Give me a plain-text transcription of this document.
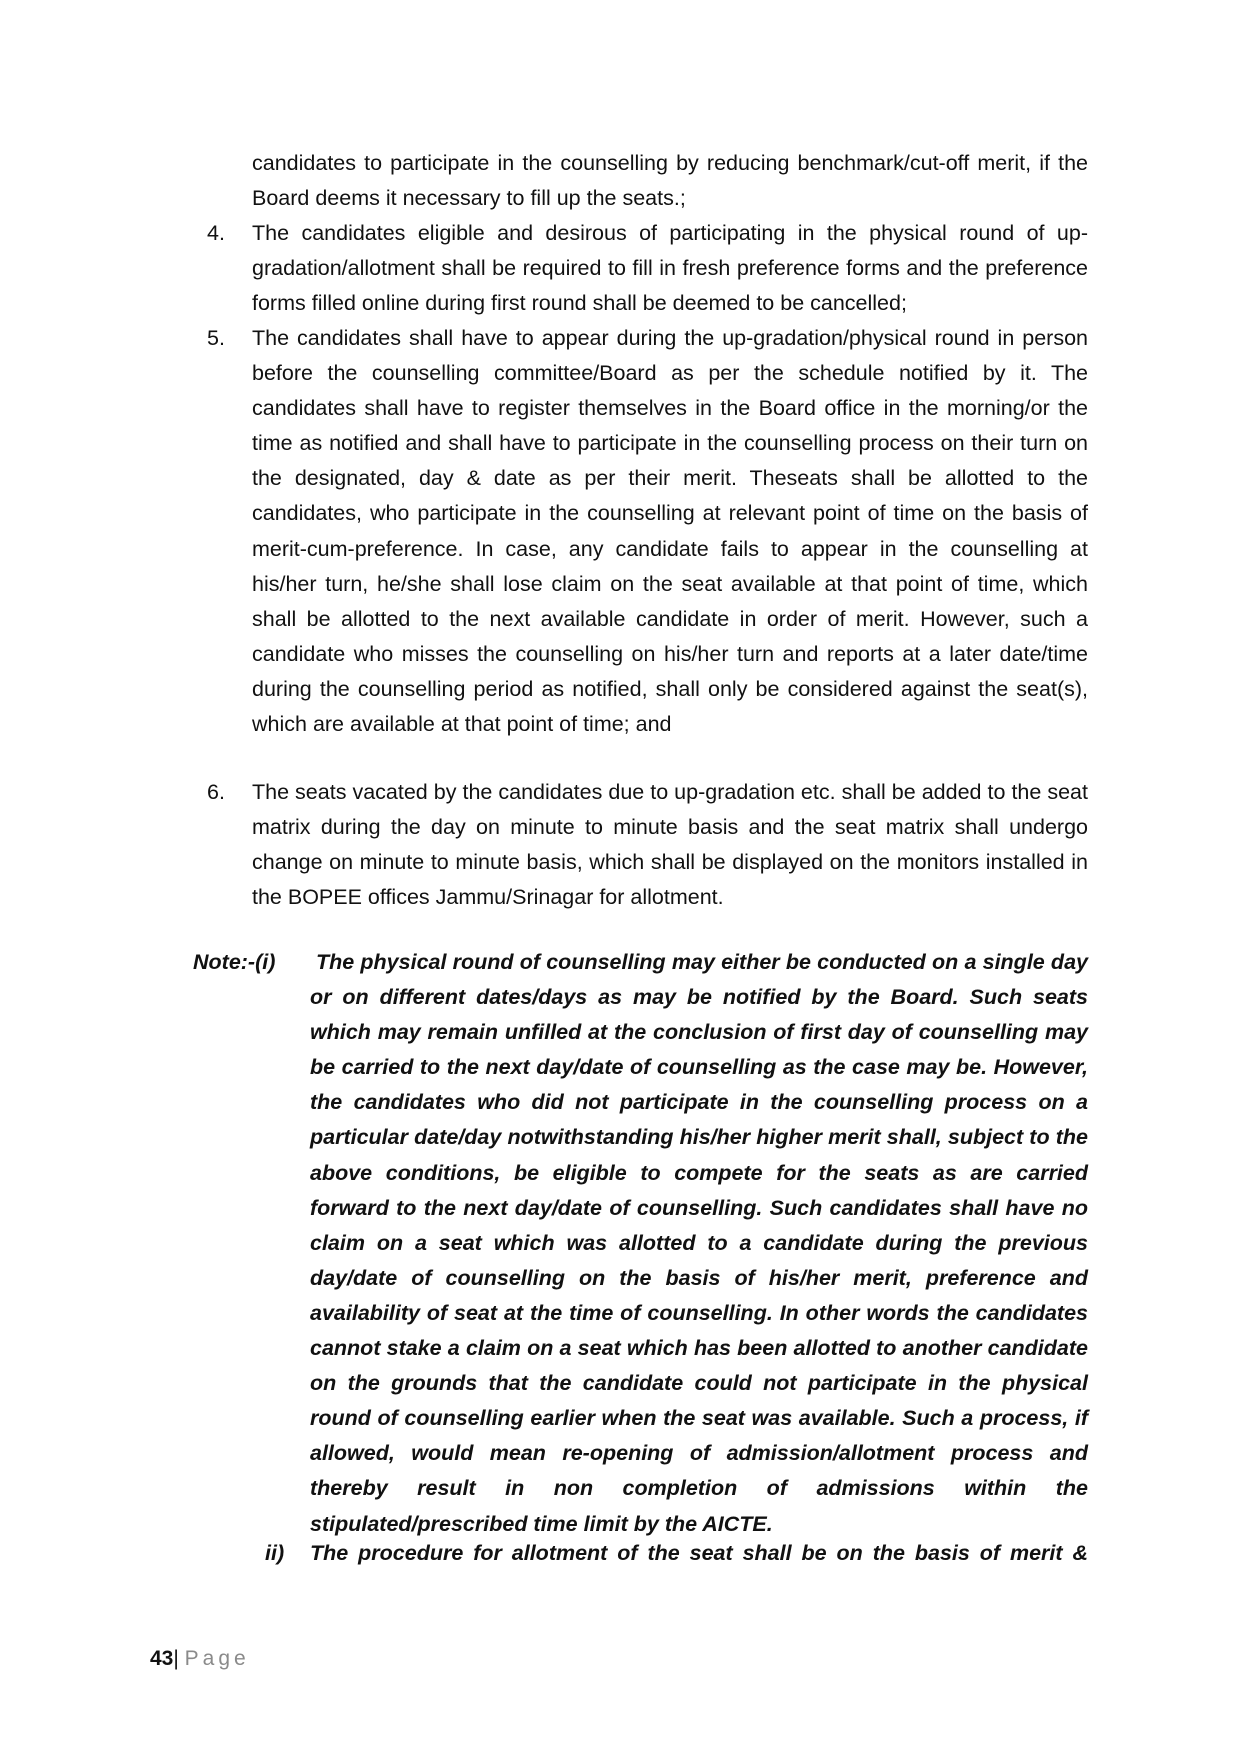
candidates to participate in the counselling by reducing benchmark/cut-off merit, if the Board deems it necessary to fill up the seats.;
4. The candidates eligible and desirous of participating in the physical round of up-gradation/allotment shall be required to fill in fresh preference forms and the preference forms filled online during first round shall be deemed to be cancelled;
5. The candidates shall have to appear during the up-gradation/physical round in person before the counselling committee/Board as per the schedule notified by it. The candidates shall have to register themselves in the Board office in the morning/or the time as notified and shall have to participate in the counselling process on their turn on the designated, day & date as per their merit. Theseats shall be allotted to the candidates, who participate in the counselling at relevant point of time on the basis of merit-cum-preference. In case, any candidate fails to appear in the counselling at his/her turn, he/she shall lose claim on the seat available at that point of time, which shall be allotted to the next available candidate in order of merit. However, such a candidate who misses the counselling on his/her turn and reports at a later date/time during the counselling period as notified, shall only be considered against the seat(s), which are available at that point of time; and
6. The seats vacated by the candidates due to up-gradation etc. shall be added to the seat matrix during the day on minute to minute basis and the seat matrix shall undergo change on minute to minute basis, which shall be displayed on the monitors installed in the BOPEE offices Jammu/Srinagar for allotment.
Note:-(i) The physical round of counselling may either be conducted on a single day or on different dates/days as may be notified by the Board. Such seats which may remain unfilled at the conclusion of first day of counselling may be carried to the next day/date of counselling as the case may be. However, the candidates who did not participate in the counselling process on a particular date/day notwithstanding his/her higher merit shall, subject to the above conditions, be eligible to compete for the seats as are carried forward to the next day/date of counselling. Such candidates shall have no claim on a seat which was allotted to a candidate during the previous day/date of counselling on the basis of his/her merit, preference and availability of seat at the time of counselling. In other words the candidates cannot stake a claim on a seat which has been allotted to another candidate on the grounds that the candidate could not participate in the physical round of counselling earlier when the seat was available. Such a process, if allowed, would mean re-opening of admission/allotment process and thereby result in non completion of admissions within the stipulated/prescribed time limit by the AICTE.
ii) The procedure for allotment of the seat shall be on the basis of merit &
43| Page
